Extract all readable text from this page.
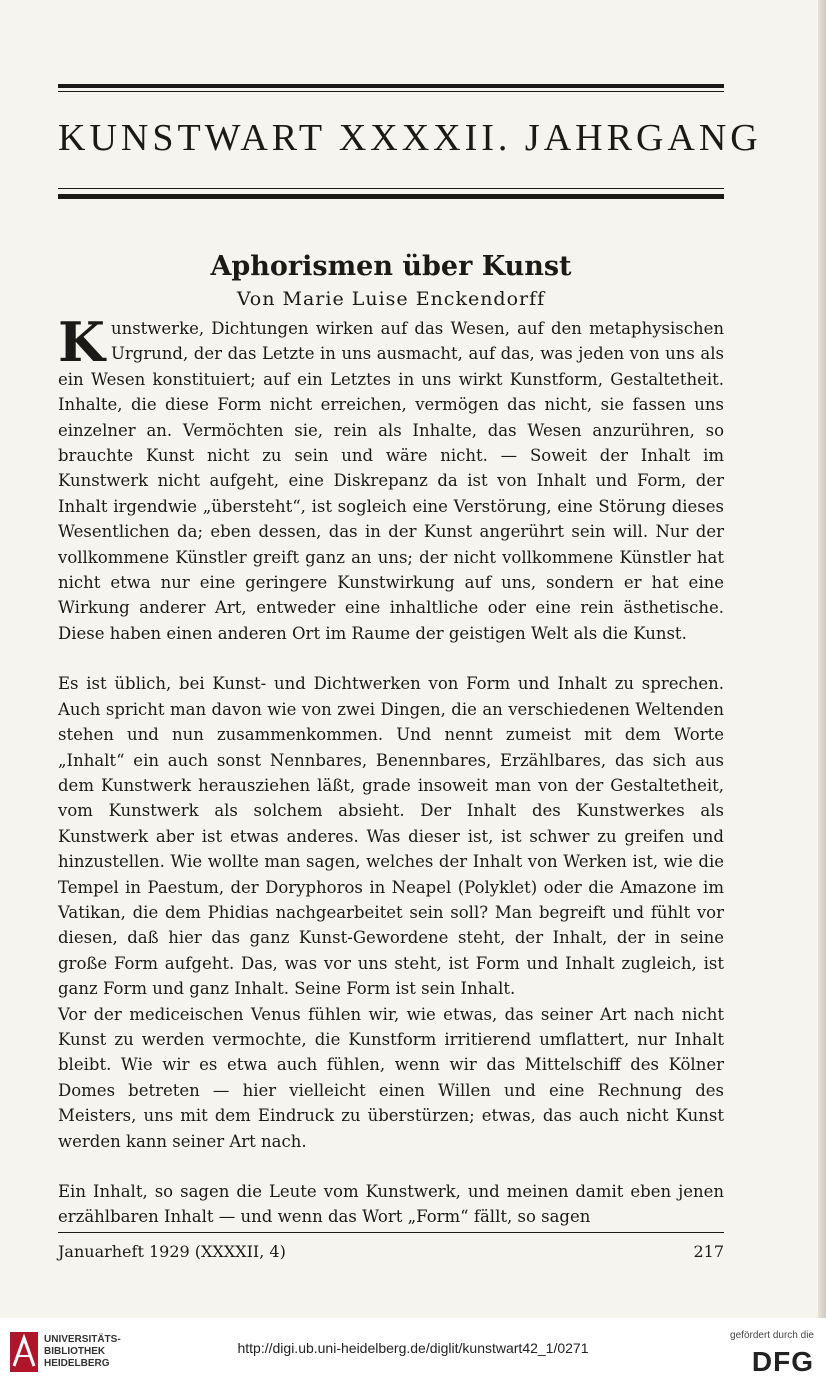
KUNSTWART XXXXII. JAHRGANG
Aphorismen über Kunst
Von Marie Luise Enckendorff

Kunstwerke, Dichtungen wirken auf das Wesen, auf den metaphysischen Urgrund, der das Letzte in uns ausmacht, auf das, was jeden von uns als ein Wesen konstituiert; auf ein Letztes in uns wirkt Kunstform, Gestaltetheit. Inhalte, die diese Form nicht erreichen, vermögen das nicht, sie fassen uns einzelner an. Vermöchten sie, rein als Inhalte, das Wesen anzurühren, so brauchte Kunst nicht zu sein und wäre nicht. — Soweit der Inhalt im Kunstwerk nicht aufgeht, eine Diskrepanz da ist von Inhalt und Form, der Inhalt irgendwie „übersteht“, ist sogleich eine Verstörung, eine Störung dieses Wesentlichen da; eben dessen, das in der Kunst angerührt sein will. Nur der vollkommene Künstler greift ganz an uns; der nicht vollkommene Künstler hat nicht etwa nur eine geringere Kunstwirkung auf uns, sondern er hat eine Wirkung anderer Art, entweder eine inhaltliche oder eine rein ästhetische. Diese haben einen anderen Ort im Raume der geistigen Welt als die Kunst.

Es ist üblich, bei Kunst- und Dichtwerken von Form und Inhalt zu sprechen. Auch spricht man davon wie von zwei Dingen, die an verschiedenen Weltenden stehen und nun zusammenkommen. Und nennt zumeist mit dem Worte „Inhalt“ ein auch sonst Nennbares, Benennbares, Erzählbares, das sich aus dem Kunstwerk herausziehen läßt, grade insoweit man von der Gestaltetheit, vom Kunstwerk als solchem absieht. Der Inhalt des Kunstwerkes als Kunstwerk aber ist etwas anderes. Was dieser ist, ist schwer zu greifen und hinzustellen. Wie wollte man sagen, welches der Inhalt von Werken ist, wie die Tempel in Paestum, der Doryphoros in Neapel (Polyklet) oder die Amazone im Vatikan, die dem Phidias nachgearbeitet sein soll? Man begreift und fühlt vor diesen, daß hier das ganz Kunst-Gewordene steht, der Inhalt, der in seine große Form aufgeht. Das, was vor uns steht, ist Form und Inhalt zugleich, ist ganz Form und ganz Inhalt. Seine Form ist sein Inhalt.

Vor der mediceischen Venus fühlen wir, wie etwas, das seiner Art nach nicht Kunst zu werden vermochte, die Kunstform irritierend umflattert, nur Inhalt bleibt. Wie wir es etwa auch fühlen, wenn wir das Mittelschiff des Kölner Domes betreten — hier vielleicht einen Willen und eine Rechnung des Meisters, uns mit dem Eindruck zu überstürzen; etwas, das auch nicht Kunst werden kann seiner Art nach.

Ein Inhalt, so sagen die Leute vom Kunstwerk, und meinen damit eben jenen erzählbaren Inhalt — und wenn das Wort „Form“ fällt, so sagen

Januarheft 1929 (XXXXII, 4)	217
UNIVERSITÄTS-
BIBLIOTHEK
HEIDELBERG
http://digi.ub.uni-heidelberg.de/diglit/kunstwart42_1/0271
gefördert durch die
DFG
